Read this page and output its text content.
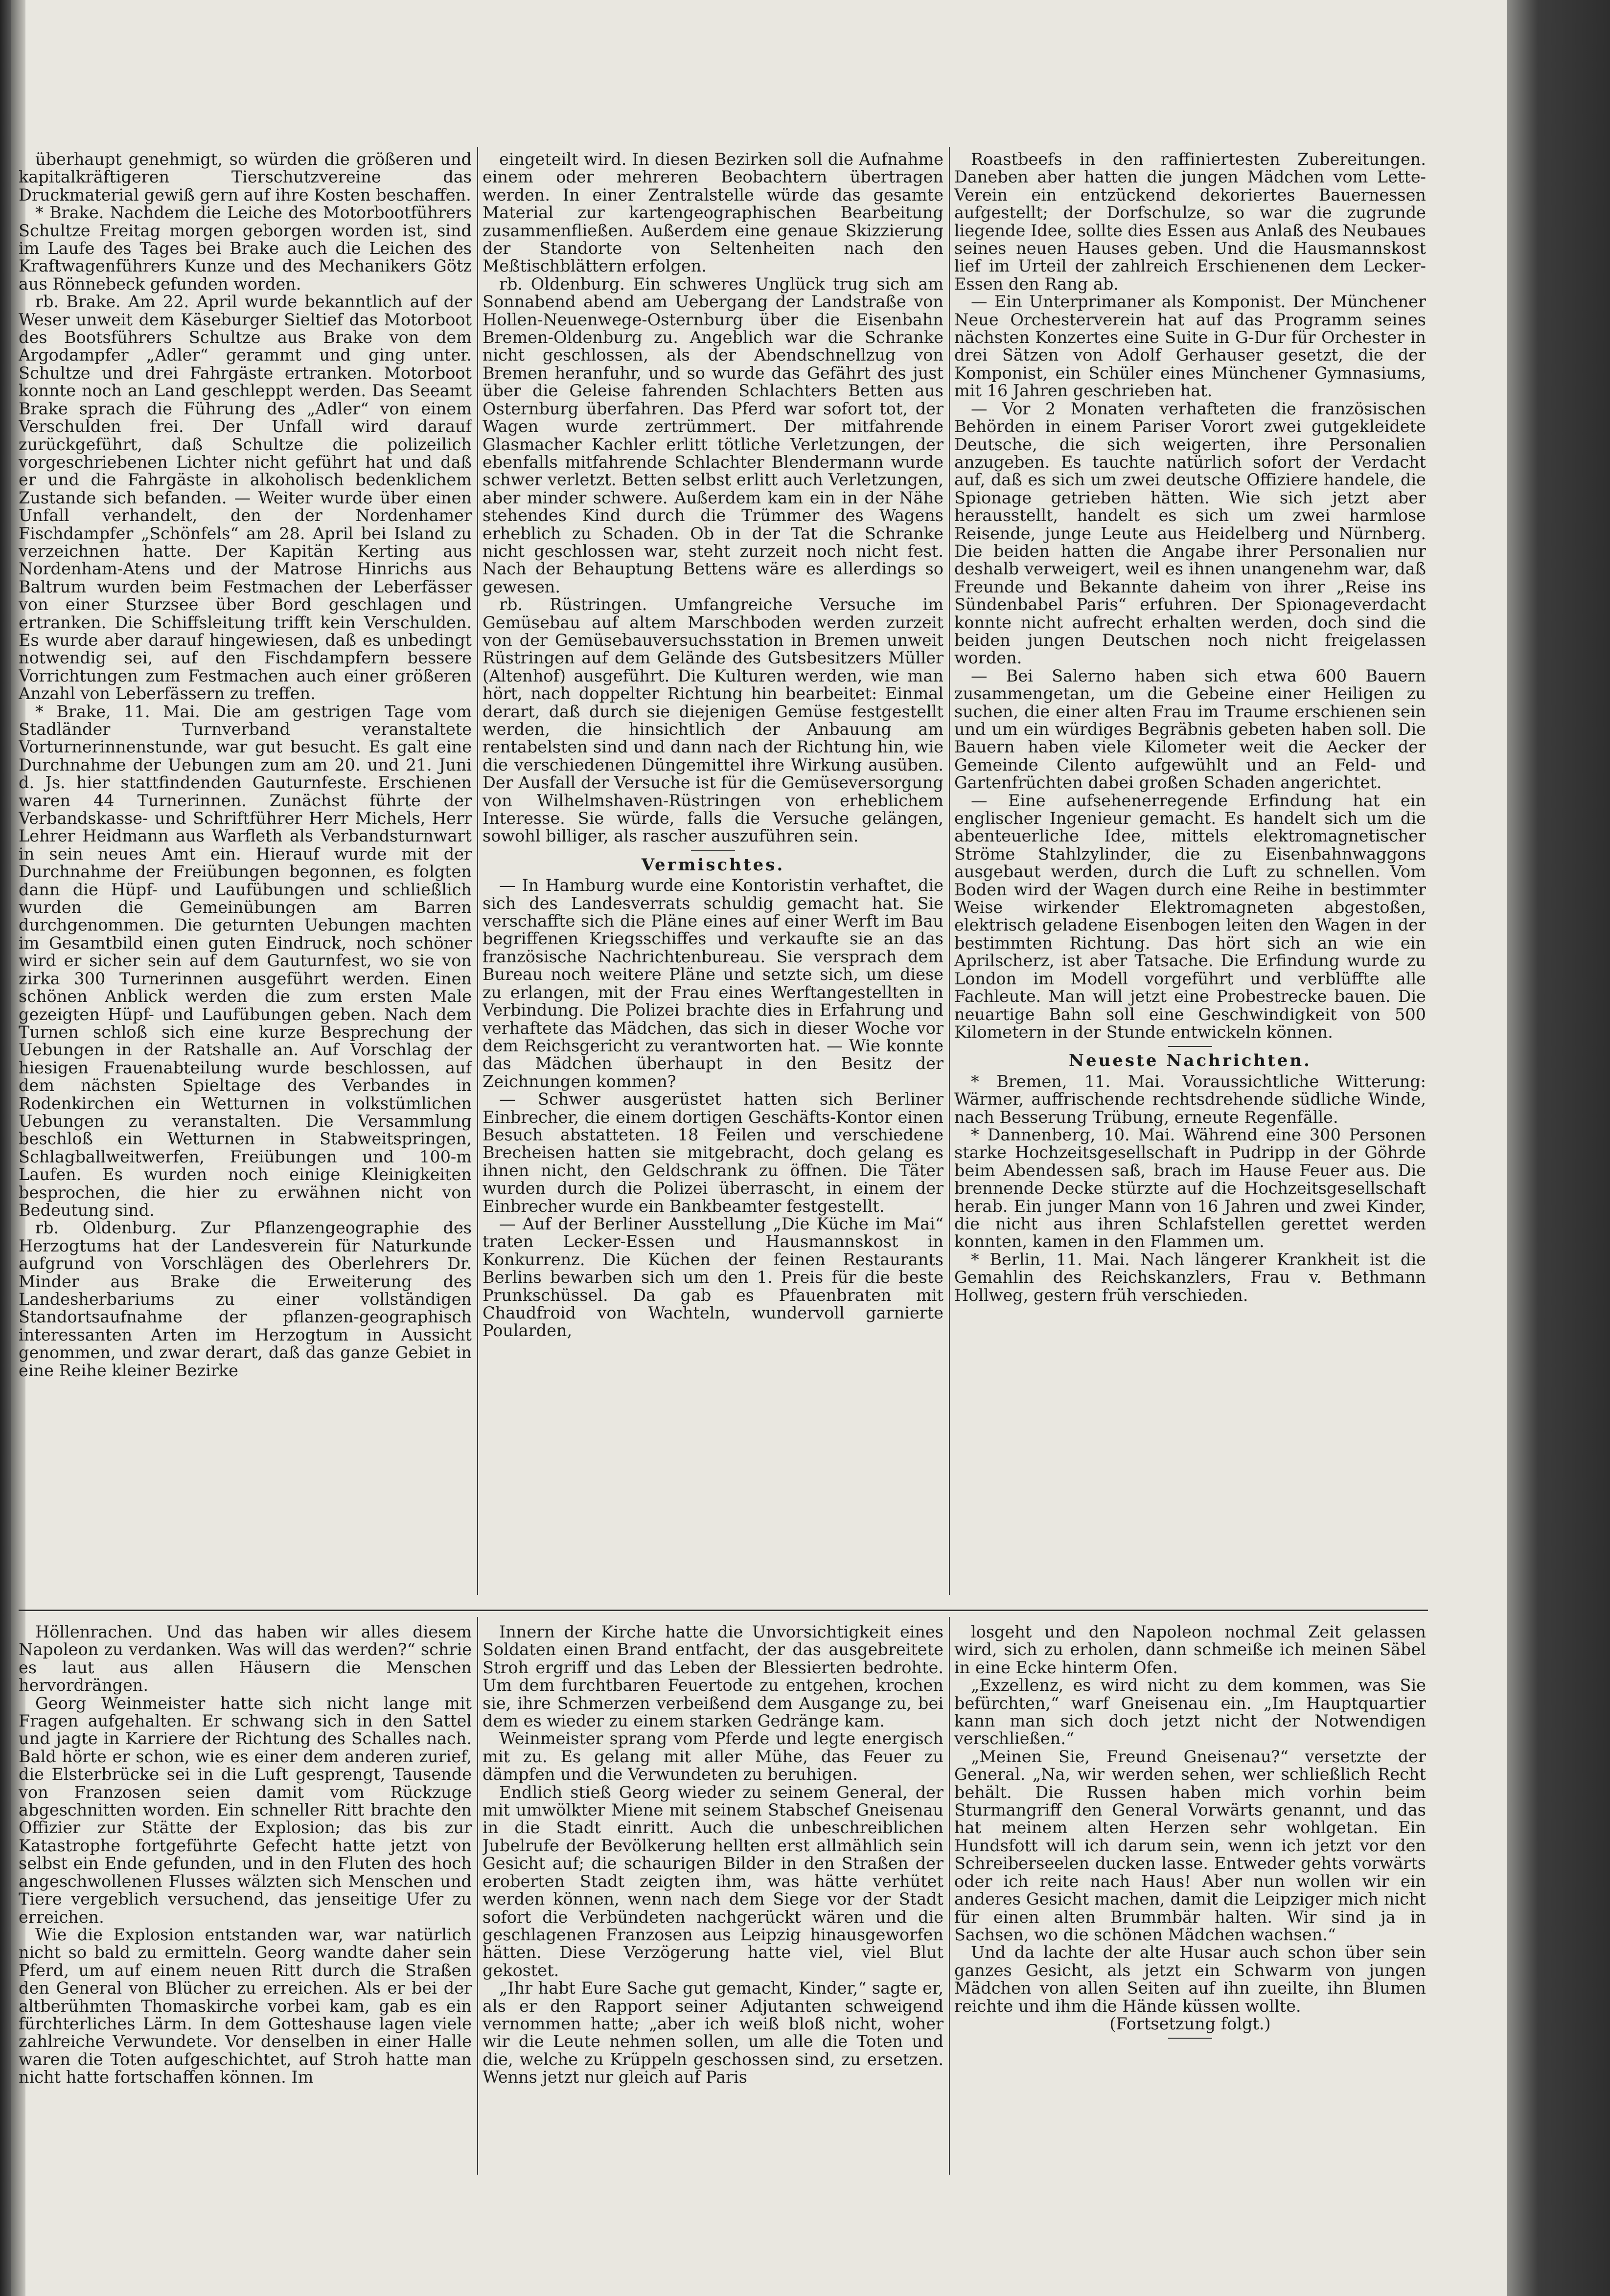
überhaupt genehmigt, so würden die größeren und kapitalkräftigeren Tierschutzvereine das Druckmaterial gewiß gern auf ihre Kosten beschaffen.

* Brake. Nachdem die Leiche des Motorbootführers Schultze Freitag morgen geborgen worden ist, sind im Laufe des Tages bei Brake auch die Leichen des Kraftwagenführers Kunze und des Mechanikers Götz aus Rönnebeck gefunden worden.

rb. Brake. Am 22. April wurde bekanntlich auf der Weser unweit dem Käseburger Sieltief das Motorboot des Bootsführers Schultze aus Brake von dem Argodampfer „Adler“ gerammt und ging unter. Schultze und drei Fahrgäste ertranken. Motorboot konnte noch an Land geschleppt werden. Das Seeamt Brake sprach die Führung des „Adler“ von einem Verschulden frei. Der Unfall wird darauf zurückgeführt, daß Schultze die polizeilich vorgeschriebenen Lichter nicht geführt hat und daß er und die Fahrgäste in alkoholisch bedenklichem Zustande sich befanden. — Weiter wurde über einen Unfall verhandelt, den der Nordenhamer Fischdampfer „Schönfels“ am 28. April bei Island zu verzeichnen hatte. Der Kapitän Kerting aus Nordenham-Atens und der Matrose Hinrichs aus Baltrum wurden beim Festmachen der Leberfässer von einer Sturzsee über Bord geschlagen und ertranken. Die Schiffsleitung trifft kein Verschulden. Es wurde aber darauf hingewiesen, daß es unbedingt notwendig sei, auf den Fischdampfern bessere Vorrichtungen zum Festmachen auch einer größeren Anzahl von Leberfässern zu treffen.

* Brake, 11. Mai. Die am gestrigen Tage vom Stadländer Turnverband veranstaltete Vorturnerinnenstunde, war gut besucht. Es galt eine Durchnahme der Uebungen zum am 20. und 21. Juni d. Js. hier stattfindenden Gauturnfeste. Erschienen waren 44 Turnerinnen. Zunächst führte der Verbandskasse- und Schriftführer Herr Michels, Herr Lehrer Heidmann aus Warfleth als Verbandsturnwart in sein neues Amt ein. Hierauf wurde mit der Durchnahme der Freiübungen begonnen, es folgten dann die Hüpf- und Laufübungen und schließlich wurden die Gemeinübungen am Barren durchgenommen. Die geturnten Uebungen machten im Gesamtbild einen guten Eindruck, noch schöner wird er sicher sein auf dem Gauturnfest, wo sie von zirka 300 Turnerinnen ausgeführt werden. Einen schönen Anblick werden die zum ersten Male gezeigten Hüpf- und Laufübungen geben. Nach dem Turnen schloß sich eine kurze Besprechung der Uebungen in der Ratshalle an. Auf Vorschlag der hiesigen Frauenabteilung wurde beschlossen, auf dem nächsten Spieltage des Verbandes in Rodenkirchen ein Wetturnen in volkstümlichen Uebungen zu veranstalten. Die Versammlung beschloß ein Wetturnen in Stabweitspringen, Schlagballweitwerfen, Freiübungen und 100-m Laufen. Es wurden noch einige Kleinigkeiten besprochen, die hier zu erwähnen nicht von Bedeutung sind.

rb. Oldenburg. Zur Pflanzengeographie des Herzogtums hat der Landesverein für Naturkunde aufgrund von Vorschlägen des Oberlehrers Dr. Minder aus Brake die Erweiterung des Landesherbariums zu einer vollständigen Standortsaufnahme der pflanzen-geographisch interessanten Arten im Herzogtum in Aussicht genommen, und zwar derart, daß das ganze Gebiet in eine Reihe kleiner Bezirke

eingeteilt wird. In diesen Bezirken soll die Aufnahme einem oder mehreren Beobachtern übertragen werden. In einer Zentralstelle würde das gesamte Material zur kartengeographischen Bearbeitung zusammenfließen. Außerdem eine genaue Skizzierung der Standorte von Seltenheiten nach den Meßtischblättern erfolgen.

rb. Oldenburg. Ein schweres Unglück trug sich am Sonnabend abend am Uebergang der Landstraße von Hollen-Neuenwege-Osternburg über die Eisenbahn Bremen-Oldenburg zu. Angeblich war die Schranke nicht geschlossen, als der Abendschnellzug von Bremen heranfuhr, und so wurde das Gefährt des just über die Geleise fahrenden Schlachters Betten aus Osternburg überfahren. Das Pferd war sofort tot, der Wagen wurde zertrümmert. Der mitfahrende Glasmacher Kachler erlitt tötliche Verletzungen, der ebenfalls mitfahrende Schlachter Blendermann wurde schwer verletzt. Betten selbst erlitt auch Verletzungen, aber minder schwere. Außerdem kam ein in der Nähe stehendes Kind durch die Trümmer des Wagens erheblich zu Schaden. Ob in der Tat die Schranke nicht geschlossen war, steht zurzeit noch nicht fest. Nach der Behauptung Bettens wäre es allerdings so gewesen.

rb. Rüstringen. Umfangreiche Versuche im Gemüsebau auf altem Marschboden werden zurzeit von der Gemüsebauversuchsstation in Bremen unweit Rüstringen auf dem Gelände des Gutsbesitzers Müller (Altenhof) ausgeführt. Die Kulturen werden, wie man hört, nach doppelter Richtung hin bearbeitet: Einmal derart, daß durch sie diejenigen Gemüse festgestellt werden, die hinsichtlich der Anbauung am rentabelsten sind und dann nach der Richtung hin, wie die verschiedenen Düngemittel ihre Wirkung ausüben. Der Ausfall der Versuche ist für die Gemüseversorgung von Wilhelmshaven-Rüstringen von erheblichem Interesse. Sie würde, falls die Versuche gelängen, sowohl billiger, als rascher auszuführen sein.

Vermischtes.

— In Hamburg wurde eine Kontoristin verhaftet, die sich des Landesverrats schuldig gemacht hat. Sie verschaffte sich die Pläne eines auf einer Werft im Bau begriffenen Kriegsschiffes und verkaufte sie an das französische Nachrichtenbureau. Sie versprach dem Bureau noch weitere Pläne und setzte sich, um diese zu erlangen, mit der Frau eines Werftangestellten in Verbindung. Die Polizei brachte dies in Erfahrung und verhaftete das Mädchen, das sich in dieser Woche vor dem Reichsgericht zu verantworten hat. — Wie konnte das Mädchen überhaupt in den Besitz der Zeichnungen kommen?

— Schwer ausgerüstet hatten sich Berliner Einbrecher, die einem dortigen Geschäfts-Kontor einen Besuch abstatteten. 18 Feilen und verschiedene Brecheisen hatten sie mitgebracht, doch gelang es ihnen nicht, den Geldschrank zu öffnen. Die Täter wurden durch die Polizei überrascht, in einem der Einbrecher wurde ein Bankbeamter festgestellt.

— Auf der Berliner Ausstellung „Die Küche im Mai“ traten Lecker-Essen und Hausmannskost in Konkurrenz. Die Küchen der feinen Restaurants Berlins bewarben sich um den 1. Preis für die beste Prunkschüssel. Da gab es Pfauenbraten mit Chaudfroid von Wachteln, wundervoll garnierte Poularden,

Roastbeefs in den raffiniertesten Zubereitungen. Daneben aber hatten die jungen Mädchen vom Lette-Verein ein entzückend dekoriertes Bauernessen aufgestellt; der Dorfschulze, so war die zugrunde liegende Idee, sollte dies Essen aus Anlaß des Neubaues seines neuen Hauses geben. Und die Hausmannskost lief im Urteil der zahlreich Erschienenen dem Lecker-Essen den Rang ab.

— Ein Unterprimaner als Komponist. Der Münchener Neue Orchesterverein hat auf das Programm seines nächsten Konzertes eine Suite in G-Dur für Orchester in drei Sätzen von Adolf Gerhauser gesetzt, die der Komponist, ein Schüler eines Münchener Gymnasiums, mit 16 Jahren geschrieben hat.

— Vor 2 Monaten verhafteten die französischen Behörden in einem Pariser Vorort zwei gutgekleidete Deutsche, die sich weigerten, ihre Personalien anzugeben. Es tauchte natürlich sofort der Verdacht auf, daß es sich um zwei deutsche Offiziere handele, die Spionage getrieben hätten. Wie sich jetzt aber herausstellt, handelt es sich um zwei harmlose Reisende, junge Leute aus Heidelberg und Nürnberg. Die beiden hatten die Angabe ihrer Personalien nur deshalb verweigert, weil es ihnen unangenehm war, daß Freunde und Bekannte daheim von ihrer „Reise ins Sündenbabel Paris“ erfuhren. Der Spionageverdacht konnte nicht aufrecht erhalten werden, doch sind die beiden jungen Deutschen noch nicht freigelassen worden.

— Bei Salerno haben sich etwa 600 Bauern zusammengetan, um die Gebeine einer Heiligen zu suchen, die einer alten Frau im Traume erschienen sein und um ein würdiges Begräbnis gebeten haben soll. Die Bauern haben viele Kilometer weit die Aecker der Gemeinde Cilento aufgewühlt und an Feld- und Gartenfrüchten dabei großen Schaden angerichtet.

— Eine aufsehenerregende Erfindung hat ein englischer Ingenieur gemacht. Es handelt sich um die abenteuerliche Idee, mittels elektromagnetischer Ströme Stahlzylinder, die zu Eisenbahnwaggons ausgebaut werden, durch die Luft zu schnellen. Vom Boden wird der Wagen durch eine Reihe in bestimmter Weise wirkender Elektromagneten abgestoßen, elektrisch geladene Eisenbogen leiten den Wagen in der bestimmten Richtung. Das hört sich an wie ein Aprilscherz, ist aber Tatsache. Die Erfindung wurde zu London im Modell vorgeführt und verblüffte alle Fachleute. Man will jetzt eine Probestrecke bauen. Die neuartige Bahn soll eine Geschwindigkeit von 500 Kilometern in der Stunde entwickeln können.

Neueste Nachrichten.

* Bremen, 11. Mai. Voraussichtliche Witterung: Wärmer, auffrischende rechtsdrehende südliche Winde, nach Besserung Trübung, erneute Regenfälle.

* Dannenberg, 10. Mai. Während eine 300 Personen starke Hochzeitsgesellschaft in Pudripp in der Göhrde beim Abendessen saß, brach im Hause Feuer aus. Die brennende Decke stürzte auf die Hochzeitsgesellschaft herab. Ein junger Mann von 16 Jahren und zwei Kinder, die nicht aus ihren Schlafstellen gerettet werden konnten, kamen in den Flammen um.

* Berlin, 11. Mai. Nach längerer Krankheit ist die Gemahlin des Reichskanzlers, Frau v. Bethmann Hollweg, gestern früh verschieden.

Höllenrachen. Und das haben wir alles diesem Napoleon zu verdanken. Was will das werden?“ schrie es laut aus allen Häusern die Menschen hervordrängen.

Georg Weinmeister hatte sich nicht lange mit Fragen aufgehalten. Er schwang sich in den Sattel und jagte in Karriere der Richtung des Schalles nach. Bald hörte er schon, wie es einer dem anderen zurief, die Elsterbrücke sei in die Luft gesprengt, Tausende von Franzosen seien damit vom Rückzuge abgeschnitten worden. Ein schneller Ritt brachte den Offizier zur Stätte der Explosion; das bis zur Katastrophe fortgeführte Gefecht hatte jetzt von selbst ein Ende gefunden, und in den Fluten des hoch angeschwollenen Flusses wälzten sich Menschen und Tiere vergeblich versuchend, das jenseitige Ufer zu erreichen.

Wie die Explosion entstanden war, war natürlich nicht so bald zu ermitteln. Georg wandte daher sein Pferd, um auf einem neuen Ritt durch die Straßen den General von Blücher zu erreichen. Als er bei der altberühmten Thomaskirche vorbei kam, gab es ein fürchterliches Lärm. In dem Gotteshause lagen viele zahlreiche Verwundete. Vor denselben in einer Halle waren die Toten aufgeschichtet, auf Stroh hatte man nicht hatte fortschaffen können. Im

Innern der Kirche hatte die Unvorsichtigkeit eines Soldaten einen Brand entfacht, der das ausgebreitete Stroh ergriff und das Leben der Blessierten bedrohte. Um dem furchtbaren Feuertode zu entgehen, krochen sie, ihre Schmerzen verbeißend dem Ausgange zu, bei dem es wieder zu einem starken Gedränge kam.

Weinmeister sprang vom Pferde und legte energisch mit zu. Es gelang mit aller Mühe, das Feuer zu dämpfen und die Verwundeten zu beruhigen.

Endlich stieß Georg wieder zu seinem General, der mit umwölkter Miene mit seinem Stabschef Gneisenau in die Stadt einritt. Auch die unbeschreiblichen Jubelrufe der Bevölkerung hellten erst allmählich sein Gesicht auf; die schaurigen Bilder in den Straßen der eroberten Stadt zeigten ihm, was hätte verhütet werden können, wenn nach dem Siege vor der Stadt sofort die Verbündeten nachgerückt wären und die geschlagenen Franzosen aus Leipzig hinausgeworfen hätten. Diese Verzögerung hatte viel, viel Blut gekostet.

„Ihr habt Eure Sache gut gemacht, Kinder,“ sagte er, als er den Rapport seiner Adjutanten schweigend vernommen hatte; „aber ich weiß bloß nicht, woher wir die Leute nehmen sollen, um alle die Toten und die, welche zu Krüppeln geschossen sind, zu ersetzen. Wenns jetzt nur gleich auf Paris

losgeht und den Napoleon nochmal Zeit gelassen wird, sich zu erholen, dann schmeiße ich meinen Säbel in eine Ecke hinterm Ofen.

„Exzellenz, es wird nicht zu dem kommen, was Sie befürchten,“ warf Gneisenau ein. „Im Hauptquartier kann man sich doch jetzt nicht der Notwendigen verschließen.“

„Meinen Sie, Freund Gneisenau?“ versetzte der General. „Na, wir werden sehen, wer schließlich Recht behält. Die Russen haben mich vorhin beim Sturmangriff den General Vorwärts genannt, und das hat meinem alten Herzen sehr wohlgetan. Ein Hundsfott will ich darum sein, wenn ich jetzt vor den Schreiberseelen ducken lasse. Entweder gehts vorwärts oder ich reite nach Haus! Aber nun wollen wir ein anderes Gesicht machen, damit die Leipziger mich nicht für einen alten Brummbär halten. Wir sind ja in Sachsen, wo die schönen Mädchen wachsen.“

Und da lachte der alte Husar auch schon über sein ganzes Gesicht, als jetzt ein Schwarm von jungen Mädchen von allen Seiten auf ihn zueilte, ihn Blumen reichte und ihm die Hände küssen wollte.

(Fortsetzung folgt.)
